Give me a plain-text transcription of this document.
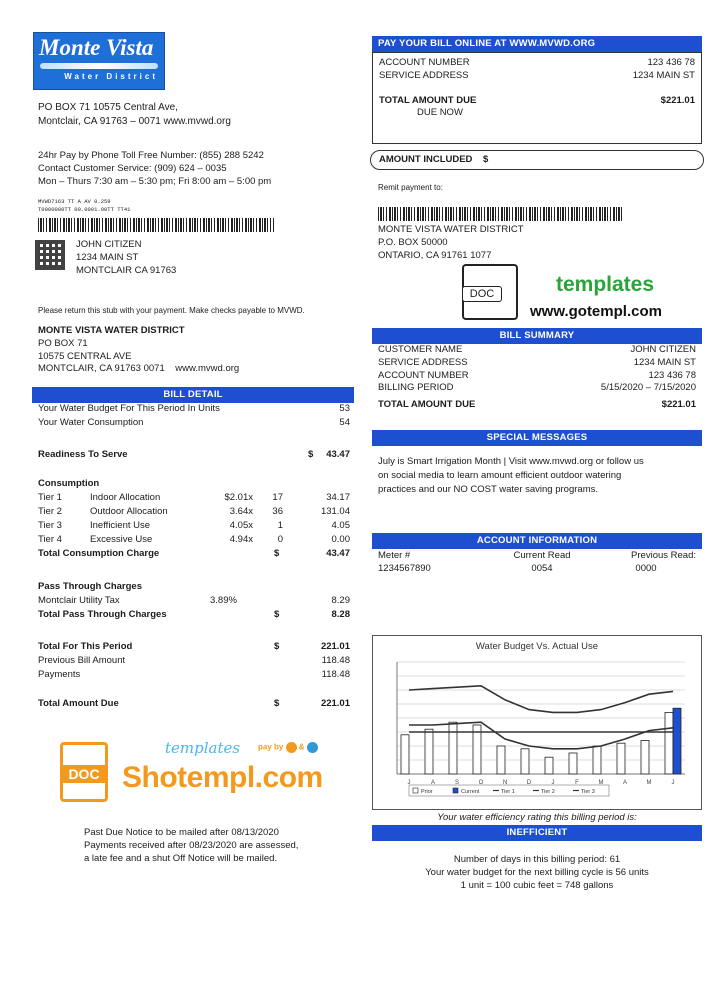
Monte Vista
Water District
PO BOX 71 10575 Central Ave,
Montclair, CA 91763 – 0071 www.mvwd.org
24hr Pay by Phone Toll Free Number: (855) 288 5242
Contact Customer Service: (909) 624 – 0035
Mon – Thurs 7:30 am – 5:30 pm; Fri 8:00 am – 5:00 pm
MVWD7163 TT A AV 0.259
T0000000TT 00.0001.00TT TT41
JOHN CITIZEN
1234 MAIN ST
MONTCLAIR CA 91763
Please return this stub with your payment. Make checks payable to MVWD.
MONTE VISTA WATER DISTRICT
PO BOX 71
10575 CENTRAL AVE
MONTCLAIR, CA 91763 0071 www.mvwd.org
BILL DETAIL
Your Water Budget For This Period In Units	53
Your Water Consumption	54
Readiness To Serve	$	43.47
Consumption
Tier 1	Indoor Allocation	$2.01x	17	34.17
Tier 2	Outdoor Allocation	3.64x	36	131.04
Tier 3	Inefficient Use	4.05x	1	4.05
Tier 4	Excessive Use	4.94x	0	0.00
Total Consumption Charge	$	43.47
Pass Through Charges
Montclair Utility Tax	3.89%	8.29
Total Pass Through Charges	$	8.28
Total For This Period	$	221.01
Previous Bill Amount	118.48
Payments	118.48
Total Amount Due	$	221.01
DOC
templates pay by  &
Shotempl.com
Past Due Notice to be mailed after 08/13/2020
Payments received after 08/23/2020 are assessed,
a late fee and a shut Off Notice will be mailed.
PAY YOUR BILL ONLINE AT WWW.MVWD.ORG
ACCOUNT NUMBER	123 436 78
SERVICE ADDRESS	1234 MAIN ST
TOTAL AMOUNT DUE	$221.01
DUE NOW
AMOUNT INCLUDED $
Remit payment to:
MONTE VISTA WATER DISTRICT
P.O. BOX 50000
ONTARIO, CA 91761 1077
DOC	templates
www.gotempl.com
BILL SUMMARY
CUSTOMER NAME	JOHN CITIZEN
SERVICE ADDRESS	1234 MAIN ST
ACCOUNT NUMBER	123 436 78
BILLING PERIOD	5/15/2020 – 7/15/2020
TOTAL AMOUNT DUE	$221.01
SPECIAL MESSAGES
July is Smart Irrigation Month | Visit www.mvwd.org or follow us on social media to learn amount efficient outdoor watering practices and our NO COST water saving programs.
ACCOUNT INFORMATION
Meter #	Current Read	Previous Read:
1234567890	0054	0000
Water Budget Vs. Actual Use
J	A	S	O	N	D	J	F	M	A	M	J
Prior	Current	Tier 1	Tier 2	Tier 3
Your water efficiency rating this billing period is:
INEFFICIENT
Number of days in this billing period: 61
Your water budget for the next billing cycle is 56 units
1 unit = 100 cubic feet = 748 gallons
